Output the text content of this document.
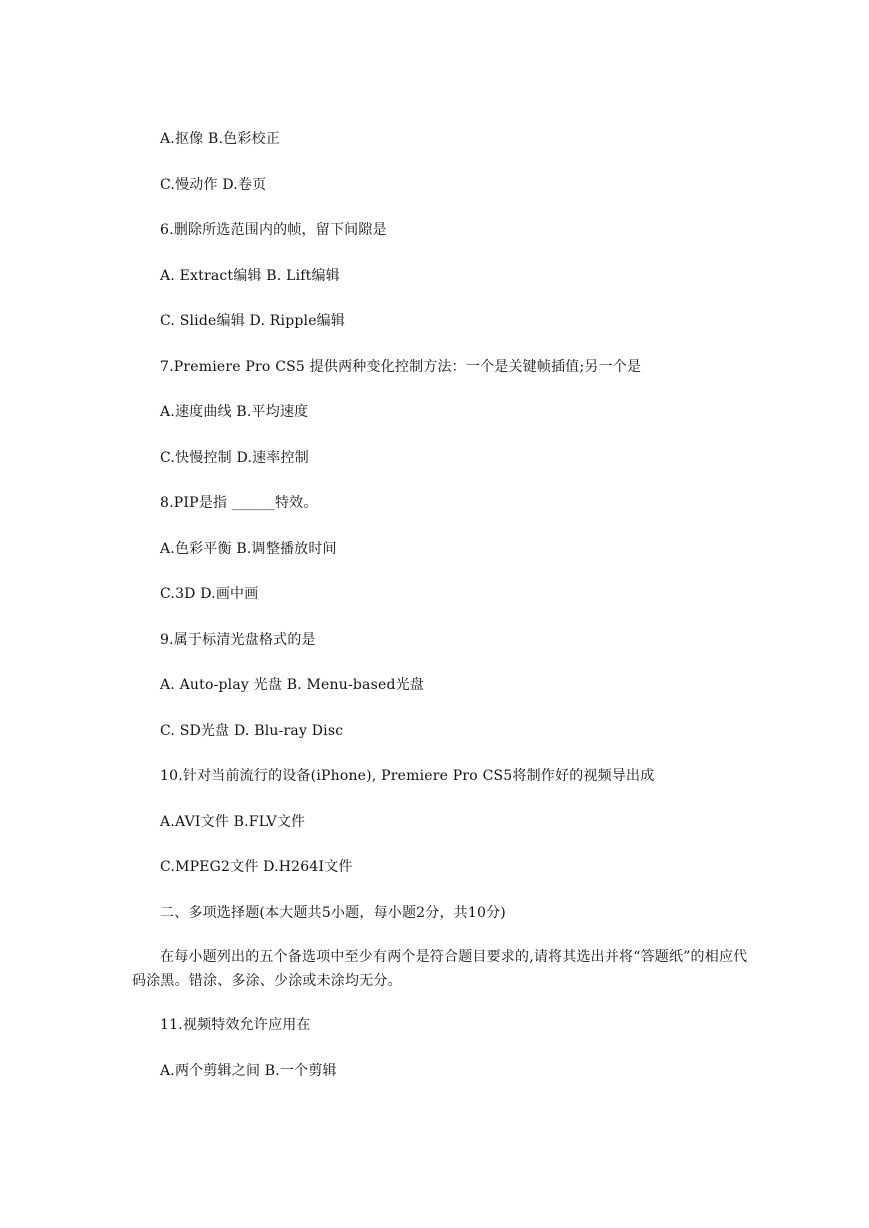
A.抠像 B.色彩校正
C.慢动作 D.卷页
6.删除所选范围内的帧，留下间隙是
A. Extract编辑 B. Lift编辑
C. Slide编辑 D. Ripple编辑
7.Premiere Pro CS5 提供两种变化控制方法：一个是关键帧插值;另一个是
A.速度曲线 B.平均速度
C.快慢控制 D.速率控制
8.PIP是指 ______特效。
A.色彩平衡 B.调整播放时间
C.3D D.画中画
9.属于标清光盘格式的是
A. Auto-play 光盘 B. Menu-based光盘
C. SD光盘 D. Blu-ray Disc
10.针对当前流行的设备(iPhone), Premiere Pro CS5将制作好的视频导出成
A.AVI文件 B.FLV文件
C.MPEG2文件 D.H264I文件
二、多项选择题(本大题共5小题，每小题2分，共10分)
在每小题列出的五个备选项中至少有两个是符合题目要求的,请将其选出并将“答题纸”的相应代码涂黑。错涂、多涂、少涂或未涂均无分。
11.视频特效允许应用在
A.两个剪辑之间 B.一个剪辑
